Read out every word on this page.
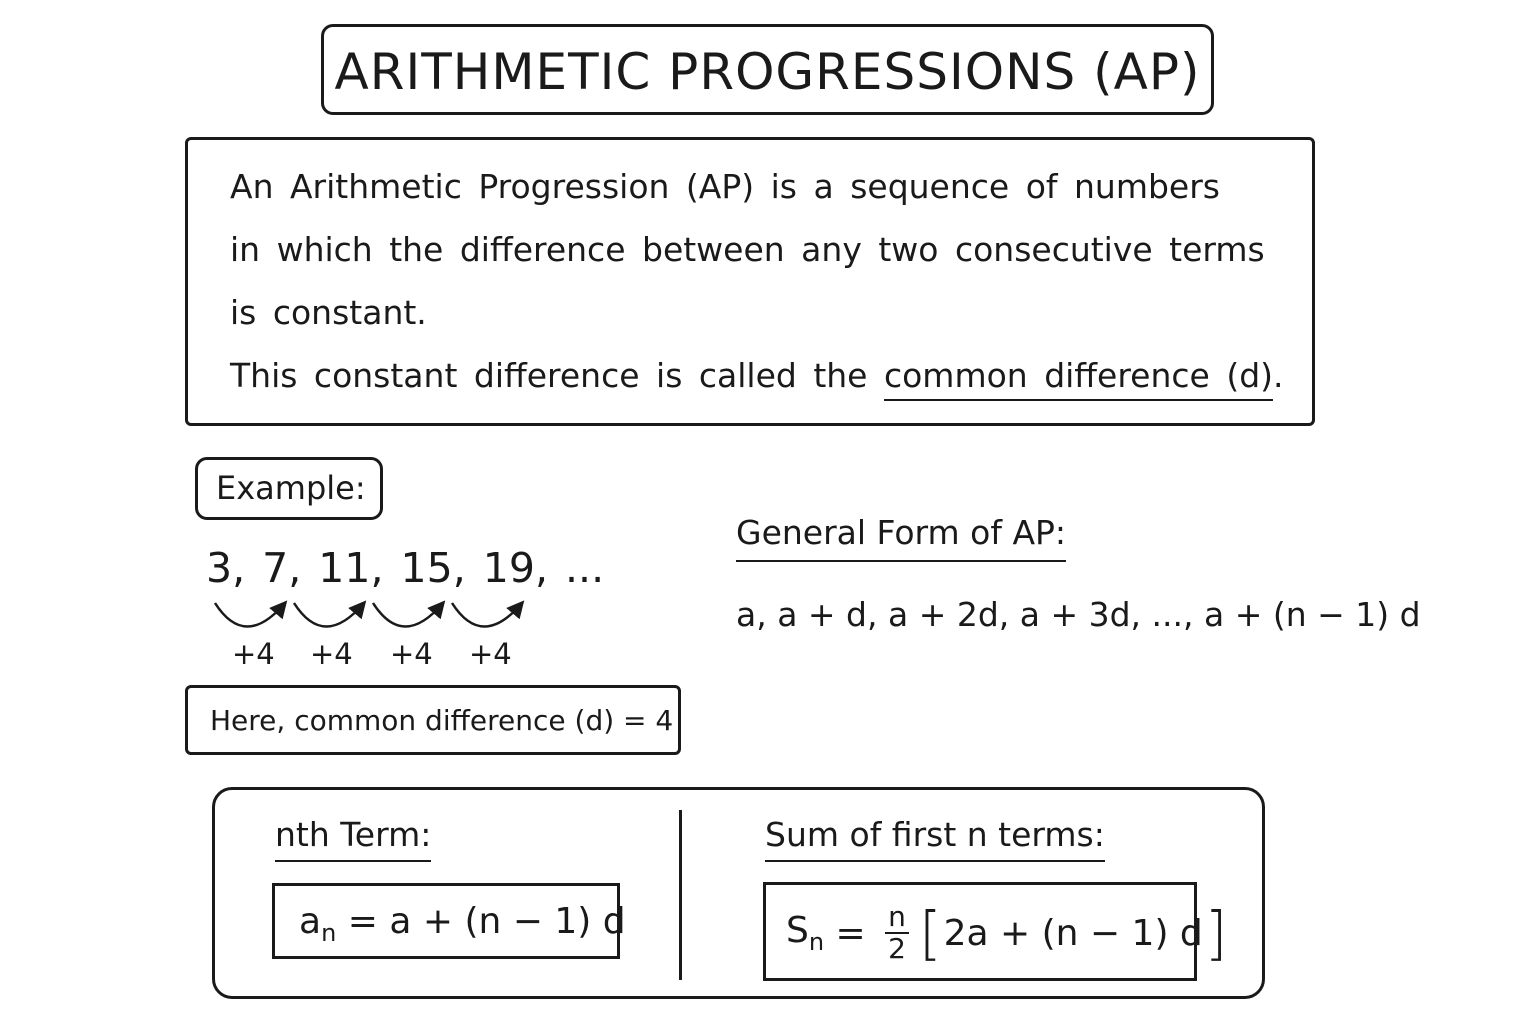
ARITHMETIC PROGRESSIONS (AP)
An Arithmetic Progression (AP) is a sequence of numbers
in which the difference between any two consecutive terms
is constant.
This constant difference is called the common difference (d).
Example:
3, 7, 11, 15, 19, ...
+4 +4 +4 +4
Here, common difference (d) = 4
General Form of AP:
a, a + d, a + 2d, a + 3d, ..., a + (n − 1) d
nth Term:
$a_n = a + (n - 1)$ d
Sum of first n terms:
$S_n = \frac{n}{2}$ [ 2a + (n − 1) d ]
